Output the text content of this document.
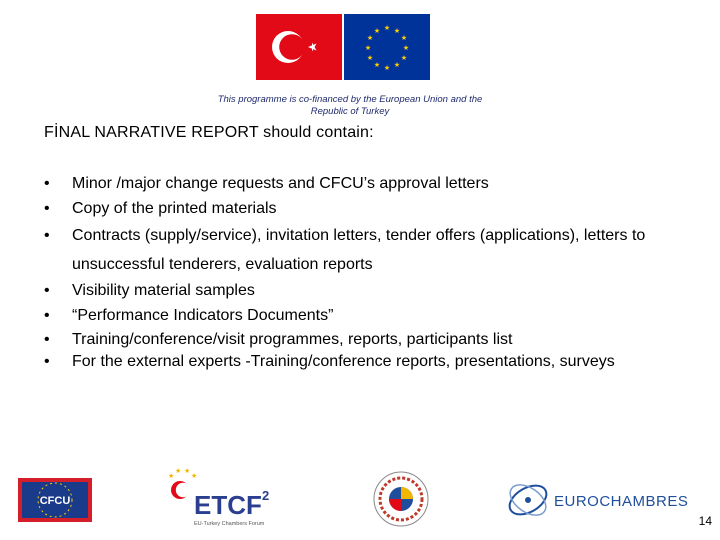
★ ★
★
★
★
★
★
★
★
★
★
★
This programme is co-financed by the European Union and the
Republic of Turkey
FİNAL NARRATIVE REPORT should contain:
•	Minor /major change requests and CFCU’s approval letters
•	Copy of the printed materials
•	Contracts (supply/service), invitation letters, tender offers (applications), letters to unsuccessful tenderers, evaluation reports
•	Visibility material samples
•	“Performance Indicators Documents”
•	Training/conference/visit programmes, reports, participants list
•	For the external experts -Training/conference reports, presentations, surveys
CFCU
★
★ ★
★
ETCF 2
EU-Turkey Chambers Forum
EUROCHAMBRES
14
